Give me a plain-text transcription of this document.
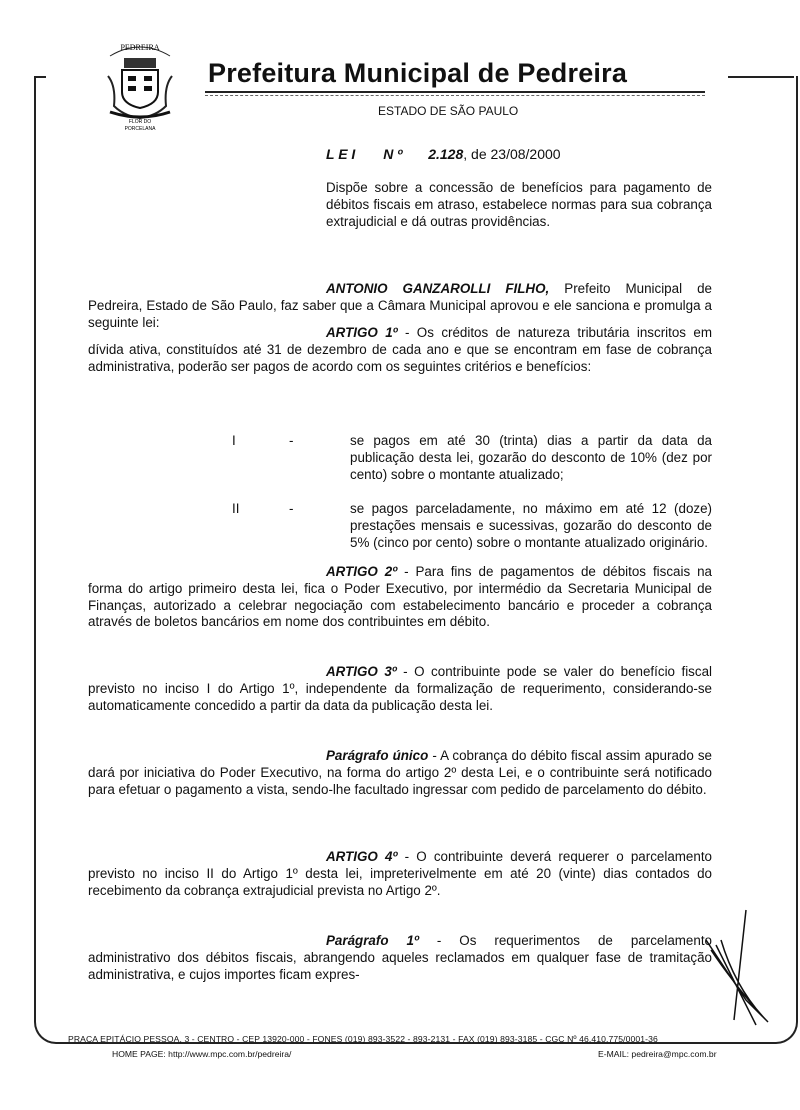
PEDREIRA
FLOR DO
PORCELANA
Prefeitura Municipal de Pedreira
ESTADO DE SÃO PAULO
L E I N º 2.128, de 23/08/2000
Dispõe sobre a concessão de benefícios para pagamento de débitos fiscais em atraso, estabelece normas para sua cobrança extrajudicial e dá outras providências.
ANTONIO GANZAROLLI FILHO, Prefeito Municipal de Pedreira, Estado de São Paulo, faz saber que a Câmara Municipal aprovou e ele sanciona e promulga a seguinte lei:
ARTIGO 1º - Os créditos de natureza tributária inscritos em dívida ativa, constituídos até 31 de dezembro de cada ano e que se encontram em fase de cobrança administrativa, poderão ser pagos de acordo com os seguintes critérios e benefícios:
I	-	se pagos em até 30 (trinta) dias a partir da data da publicação desta lei, gozarão do desconto de 10% (dez por cento) sobre o montante atualizado;
II	-	se pagos parceladamente, no máximo em até 12 (doze) prestações mensais e sucessivas, gozarão do desconto de 5% (cinco por cento) sobre o montante atualizado originário.
ARTIGO 2º - Para fins de pagamentos de débitos fiscais na forma do artigo primeiro desta lei, fica o Poder Executivo, por intermédio da Secretaria Municipal de Finanças, autorizado a celebrar negociação com estabelecimento bancário e proceder a cobrança através de boletos bancários em nome dos contribuintes em débito.
ARTIGO 3º - O contribuinte pode se valer do benefício fiscal previsto no inciso I do Artigo 1º, independente da formalização de requerimento, considerando-se automaticamente concedido a partir da data da publicação desta lei.
Parágrafo único - A cobrança do débito fiscal assim apurado se dará por iniciativa do Poder Executivo, na forma do artigo 2º desta Lei, e o contribuinte será notificado para efetuar o pagamento a vista, sendo-lhe facultado ingressar com pedido de parcelamento do débito.
ARTIGO 4º - O contribuinte deverá requerer o parcelamento previsto no inciso II do Artigo 1º desta lei, impreterivelmente em até 20 (vinte) dias contados do recebimento da cobrança extrajudicial prevista no Artigo 2º.
Parágrafo 1º - Os requerimentos de parcelamento administrativo dos débitos fiscais, abrangendo aqueles reclamados em qualquer fase de tramitação administrativa, e cujos importes ficam expres-
PRAÇA EPITÁCIO PESSOA, 3 - CENTRO - CEP 13920-000 - FONES (019) 893-3522 - 893-2131 - FAX (019) 893-3185 - CGC Nº 46.410.775/0001-36
HOME PAGE: http://www.mpc.com.br/pedreira/	E-MAIL: pedreira@mpc.com.br
